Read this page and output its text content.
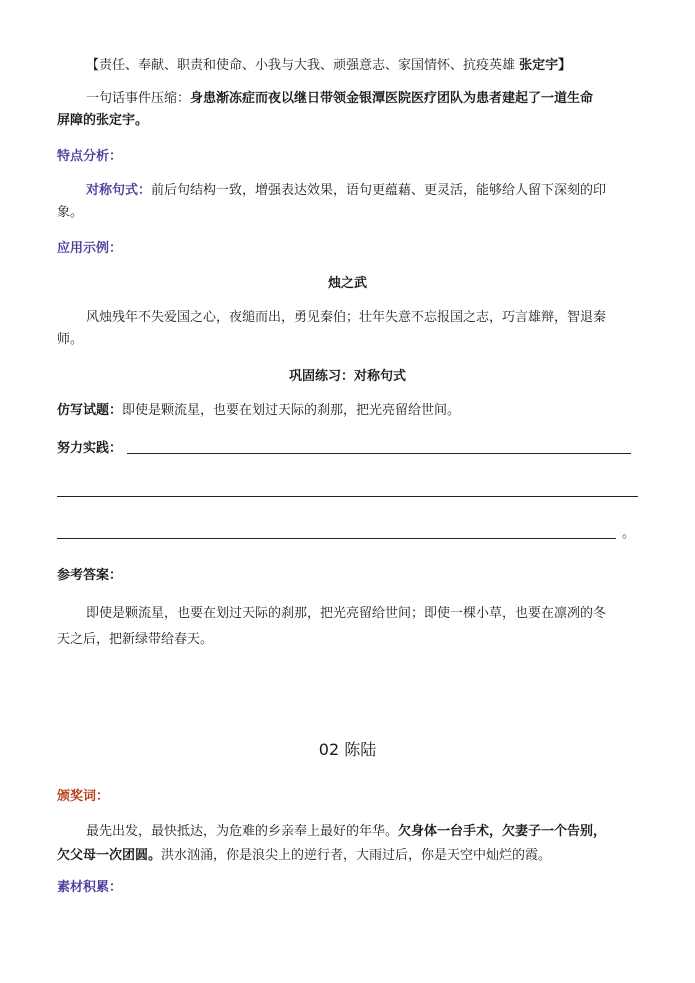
【责任、奉献、职责和使命、小我与大我、顽强意志、家国情怀、抗疫英雄 张定宇】
一句话事件压缩：身患渐冻症而夜以继日带领金银潭医院医疗团队为患者建起了一道生命
屏障的张定宇。
特点分析：
对称句式：前后句结构一致，增强表达效果，语句更蕴藉、更灵活，能够给人留下深刻的印
象。
应用示例：
烛之武
风烛残年不失爱国之心，夜缒而出，勇见秦伯；壮年失意不忘报国之志，巧言雄辩，智退秦
师。
巩固练习：对称句式
仿写试题：即使是颗流星，也要在划过天际的刹那，把光亮留给世间。
努力实践：
。
参考答案：
即使是颗流星，也要在划过天际的刹那，把光亮留给世间；即使一棵小草，也要在凛冽的冬
天之后，把新绿带给春天。
02 陈陆
颁奖词：
最先出发，最快抵达，为危难的乡亲奉上最好的年华。欠身体一台手术，欠妻子一个告别，
欠父母一次团圆。洪水汹涌，你是浪尖上的逆行者，大雨过后，你是天空中灿烂的霞。
素材积累：
